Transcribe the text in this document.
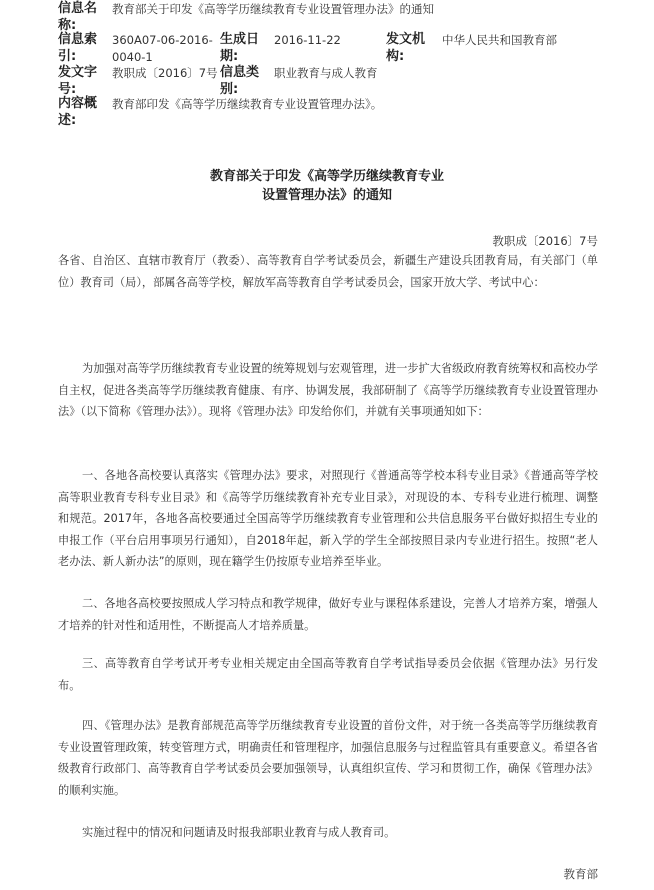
信息名称:
教育部关于印发《高等学历继续教育专业设置管理办法》的通知
信息索引:
360A07-06-2016-
0040-1
生成日期:
2016-11-22	发文机构:
中华人民共和国教育部
发文字号:
教职成〔2016〕7号 信息类别:
职业教育与成人教育
内容概述:
教育部印发《高等学历继续教育专业设置管理办法》。
教育部关于印发《高等学历继续教育专业
设置管理办法》的通知
教职成〔2016〕7号

各省、自治区、直辖市教育厅（教委）、高等教育自学考试委员会，新疆生产建设兵团教育局，有关部门（单位）教育司（局），部属各高等学校，解放军高等教育自学考试委员会，国家开放大学、考试中心：

为加强对高等学历继续教育专业设置的统筹规划与宏观管理，进一步扩大省级政府教育统筹权和高校办学自主权，促进各类高等学历继续教育健康、有序、协调发展，我部研制了《高等学历继续教育专业设置管理办法》（以下简称《管理办法》）。现将《管理办法》印发给你们，并就有关事项通知如下：

一、各地各高校要认真落实《管理办法》要求，对照现行《普通高等学校本科专业目录》《普通高等学校高等职业教育专科专业目录》和《高等学历继续教育补充专业目录》，对现设的本、专科专业进行梳理、调整和规范。2017年，各地各高校要通过全国高等学历继续教育专业管理和公共信息服务平台做好拟招生专业的申报工作（平台启用事项另行通知），自2018年起，新入学的学生全部按照目录内专业进行招生。按照“老人老办法、新人新办法”的原则，现在籍学生仍按原专业培养至毕业。

二、各地各高校要按照成人学习特点和教学规律，做好专业与课程体系建设，完善人才培养方案，增强人才培养的针对性和适用性，不断提高人才培养质量。

三、高等教育自学考试开考专业相关规定由全国高等教育自学考试指导委员会依据《管理办法》另行发布。

四、《管理办法》是教育部规范高等学历继续教育专业设置的首份文件，对于统一各类高等学历继续教育专业设置管理政策，转变管理方式，明确责任和管理程序，加强信息服务与过程监管具有重要意义。希望各省级教育行政部门、高等教育自学考试委员会要加强领导，认真组织宣传、学习和贯彻工作，确保《管理办法》的顺利实施。

实施过程中的情况和问题请及时报我部职业教育与成人教育司。

教育部
